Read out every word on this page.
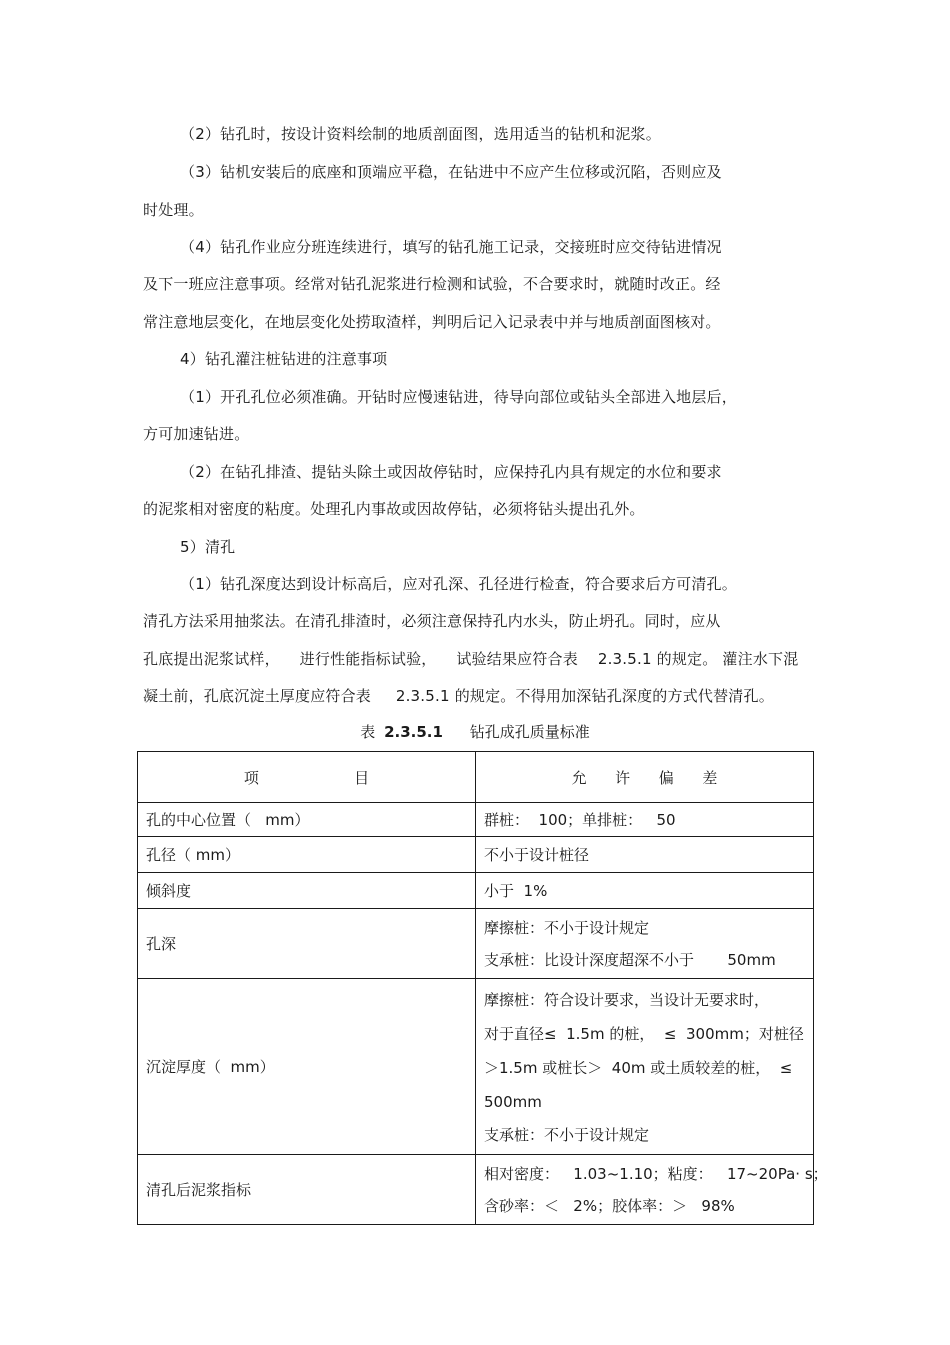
（2）钻孔时，按设计资料绘制的地质剖面图，选用适当的钻机和泥浆。
（3）钻机安装后的底座和顶端应平稳，在钻进中不应产生位移或沉陷，否则应及
时处理。
（4）钻孔作业应分班连续进行，填写的钻孔施工记录，交接班时应交待钻进情况
及下一班应注意事项。经常对钻孔泥浆进行检测和试验，不合要求时，就随时改正。经
常注意地层变化，在地层变化处捞取渣样，判明后记入记录表中并与地质剖面图核对。
4）钻孔灌注桩钻进的注意事项
（1）开孔孔位必须准确。开钻时应慢速钻进，待导向部位或钻头全部进入地层后，
方可加速钻进。
（2）在钻孔排渣、提钻头除土或因故停钻时，应保持孔内具有规定的水位和要求
的泥浆相对密度的粘度。处理孔内事故或因故停钻，必须将钻头提出孔外。
5）清孔
（1）钻孔深度达到设计标高后，应对孔深、孔径进行检查，符合要求后方可清孔。
清孔方法采用抽浆法。在清孔排渣时，必须注意保持孔内水头，防止坍孔。同时，应从
孔底提出泥浆试样，    进行性能指标试验，    试验结果应符合表    2.3.5.1 的规定。 灌注水下混
凝土前，孔底沉淀土厚度应符合表     2.3.5.1 的规定。不得用加深钻孔深度的方式代替清孔。
表 2.3.5.1 钻孔成孔质量标准
项                    目	允      许      偏      差
孔的中心位置（   mm）	群桩：  100；单排桩：   50
孔径（ mm）	不小于设计桩径
倾斜度	小于  1%
孔深	摩擦桩：不小于设计规定
支承桩：比设计深度超深不小于       50mm

沉淀厚度（  mm）	摩擦桩：符合设计要求，当设计无要求时，
对于直径≤  1.5m 的桩，  ≤  300mm；对桩径
＞1.5m 或桩长＞  40m 或土质较差的桩，  ≤
500mm
支承桩：不小于设计规定

清孔后泥浆指标	相对密度：   1.03~1.10；粘度：   17~20Pa· s；
含砂率：＜   2%；胶体率：＞   98%
